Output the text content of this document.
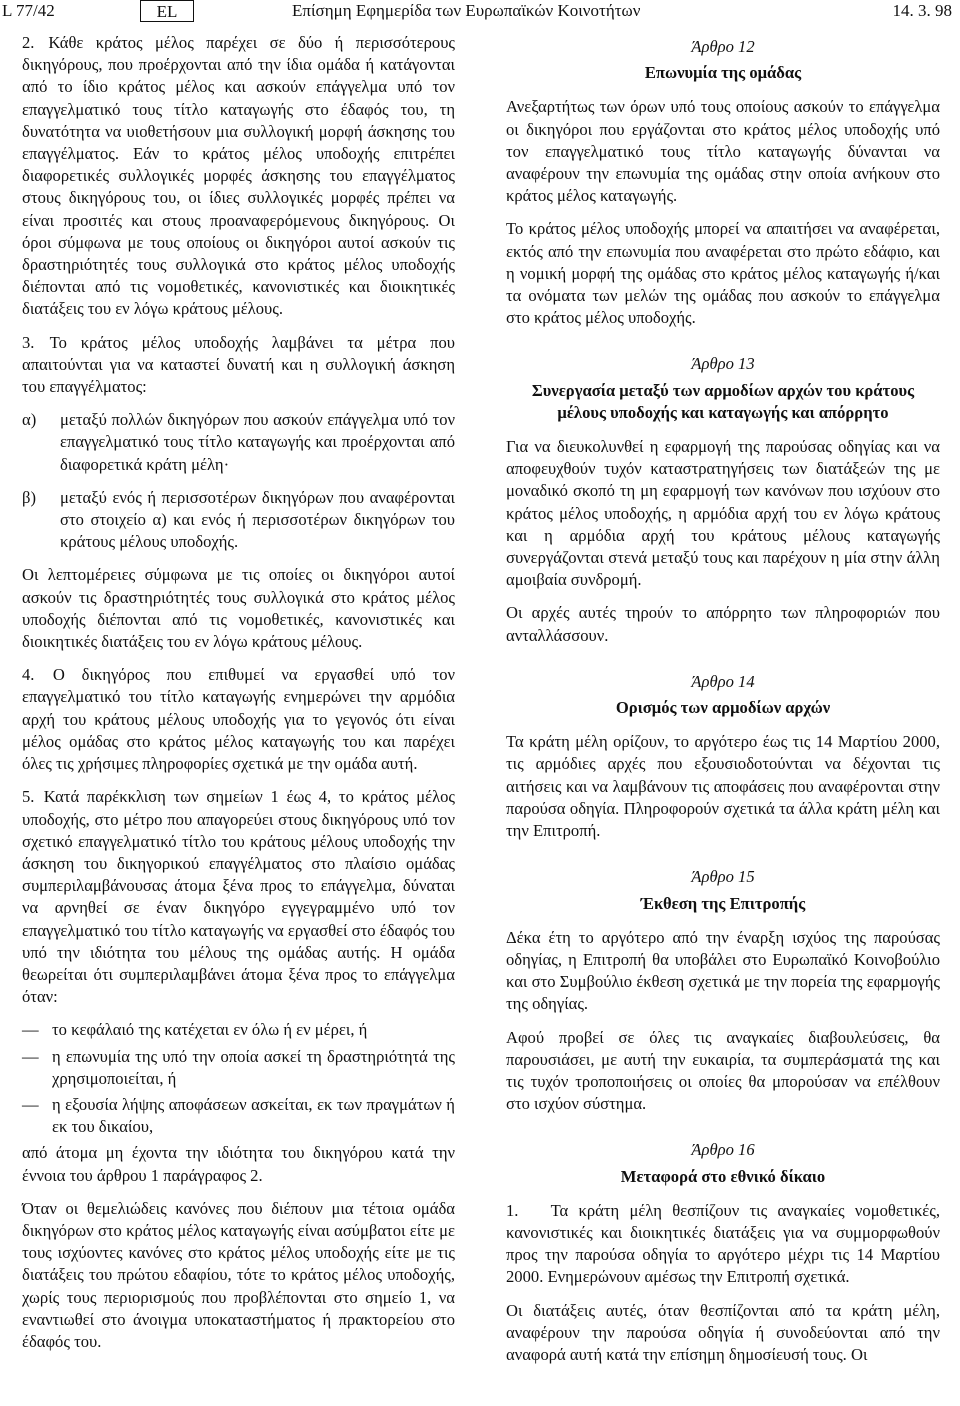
L 77/42	EL	Επίσημη Εφημερίδα των Ευρωπαϊκών Κοινοτήτων	14. 3. 98

2. Κάθε κράτος μέλος παρέχει σε δύο ή περισσότερους δικηγόρους, που προέρχονται από την ίδια ομάδα ή κατάγονται από το ίδιο κράτος μέλος και ασκούν επάγγελμα υπό τον επαγγελματικό τους τίτλο καταγωγής στο έδαφός του, τη δυνατότητα να υιοθετήσουν μια συλλογική μορφή άσκησης του επαγγέλματος. Εάν το κράτος μέλος υποδοχής επιτρέπει διαφορετικές συλλογικές μορφές άσκησης του επαγγέλματος στους δικηγόρους του, οι ίδιες συλλογικές μορφές πρέπει να είναι προσιτές και στους προαναφερόμενους δικηγόρους. Οι όροι σύμφωνα με τους οποίους οι δικηγόροι αυτοί ασκούν τις δραστηριότητές τους συλλογικά στο κράτος μέλος υποδοχής διέπονται από τις νομοθετικές, κανονιστικές και διοικητικές διατάξεις του εν λόγω κράτους μέλους.

3. Το κράτος μέλος υποδοχής λαμβάνει τα μέτρα που απαιτούνται για να καταστεί δυνατή και η συλλογική άσκηση του επαγγέλματος:

α) μεταξύ πολλών δικηγόρων που ασκούν επάγγελμα υπό τον επαγγελματικό τους τίτλο καταγωγής και προέρχονται από διαφορετικά κράτη μέλη·

β) μεταξύ ενός ή περισσοτέρων δικηγόρων που αναφέρονται στο στοιχείο α) και ενός ή περισσοτέρων δικηγόρων του κράτους μέλους υποδοχής.

Οι λεπτομέρειες σύμφωνα με τις οποίες οι δικηγόροι αυτοί ασκούν τις δραστηριότητές τους συλλογικά στο κράτος μέλος υποδοχής διέπονται από τις νομοθετικές, κανονιστικές και διοικητικές διατάξεις του εν λόγω κράτους μέλους.

4. Ο δικηγόρος που επιθυμεί να εργασθεί υπό τον επαγγελματικό του τίτλο καταγωγής ενημερώνει την αρμόδια αρχή του κράτους μέλους υποδοχής για το γεγονός ότι είναι μέλος ομάδας στο κράτος μέλος καταγωγής του και παρέχει όλες τις χρήσιμες πληροφορίες σχετικά με την ομάδα αυτή.

5. Κατά παρέκκλιση των σημείων 1 έως 4, το κράτος μέλος υποδοχής, στο μέτρο που απαγορεύει στους δικηγόρους υπό τον σχετικό επαγγελματικό τίτλο του κράτους μέλους υποδοχής την άσκηση του δικηγορικού επαγγέλματος στο πλαίσιο ομάδας συμπεριλαμβάνουσας άτομα ξένα προς το επάγγελμα, δύναται να αρνηθεί σε έναν δικηγόρο εγγεγραμμένο υπό τον επαγγελματικό του τίτλο καταγωγής να εργασθεί στο έδαφός του υπό την ιδιότητα του μέλους της ομάδας αυτής. Η ομάδα θεωρείται ότι συμπεριλαμβάνει άτομα ξένα προς το επάγγελμα όταν:

— το κεφάλαιό της κατέχεται εν όλω ή εν μέρει, ή

— η επωνυμία της υπό την οποία ασκεί τη δραστηριότητά της χρησιμοποιείται, ή

— η εξουσία λήψης αποφάσεων ασκείται, εκ των πραγμάτων ή εκ του δικαίου,

από άτομα μη έχοντα την ιδιότητα του δικηγόρου κατά την έννοια του άρθρου 1 παράγραφος 2.

Όταν οι θεμελιώδεις κανόνες που διέπουν μια τέτοια ομάδα δικηγόρων στο κράτος μέλος καταγωγής είναι ασύμβατοι είτε με τους ισχύοντες κανόνες στο κράτος μέλος υποδοχής είτε με τις διατάξεις του πρώτου εδαφίου, τότε το κράτος μέλος υποδοχής, χωρίς τους περιορισμούς που προβλέπονται στο σημείο 1, να εναντιωθεί στο άνοιγμα υποκαταστήματος ή πρακτορείου στο έδαφός του.

Άρθρο 12
Επωνυμία της ομάδας

Ανεξαρτήτως των όρων υπό τους οποίους ασκούν το επάγγελμα οι δικηγόροι που εργάζονται στο κράτος μέλος υποδοχής υπό τον επαγγελματικό τους τίτλο καταγωγής δύνανται να αναφέρουν την επωνυμία της ομάδας στην οποία ανήκουν στο κράτος μέλος καταγωγής.

Το κράτος μέλος υποδοχής μπορεί να απαιτήσει να αναφέρεται, εκτός από την επωνυμία που αναφέρεται στο πρώτο εδάφιο, και η νομική μορφή της ομάδας στο κράτος μέλος καταγωγής ή/και τα ονόματα των μελών της ομάδας που ασκούν το επάγγελμα στο κράτος μέλος υποδοχής.

Άρθρο 13
Συνεργασία μεταξύ των αρμοδίων αρχών του κράτους μέλους υποδοχής και καταγωγής και απόρρητο

Για να διευκολυνθεί η εφαρμογή της παρούσας οδηγίας και να αποφευχθούν τυχόν καταστρατηγήσεις των διατάξεών της με μοναδικό σκοπό τη μη εφαρμογή των κανόνων που ισχύουν στο κράτος μέλος υποδοχής, η αρμόδια αρχή του εν λόγω κράτους και η αρμόδια αρχή του κράτους μέλους καταγωγής συνεργάζονται στενά μεταξύ τους και παρέχουν η μία στην άλλη αμοιβαία συνδρομή.

Οι αρχές αυτές τηρούν το απόρρητο των πληροφοριών που ανταλλάσσουν.

Άρθρο 14
Ορισμός των αρμοδίων αρχών

Τα κράτη μέλη ορίζουν, το αργότερο έως τις 14 Μαρτίου 2000, τις αρμόδιες αρχές που εξουσιοδοτούνται να δέχονται τις αιτήσεις και να λαμβάνουν τις αποφάσεις που αναφέρονται στην παρούσα οδηγία. Πληροφορούν σχετικά τα άλλα κράτη μέλη και την Επιτροπή.

Άρθρο 15
Έκθεση της Επιτροπής

Δέκα έτη το αργότερο από την έναρξη ισχύος της παρούσας οδηγίας, η Επιτροπή θα υποβάλει στο Ευρωπαϊκό Κοινοβούλιο και στο Συμβούλιο έκθεση σχετικά με την πορεία της εφαρμογής της οδηγίας.

Αφού προβεί σε όλες τις αναγκαίες διαβουλεύσεις, θα παρουσιάσει, με αυτή την ευκαιρία, τα συμπεράσματά της και τις τυχόν τροποποιήσεις οι οποίες θα μπορούσαν να επέλθουν στο ισχύον σύστημα.

Άρθρο 16
Μεταφορά στο εθνικό δίκαιο

1. Τα κράτη μέλη θεσπίζουν τις αναγκαίες νομοθετικές, κανονιστικές και διοικητικές διατάξεις για να συμμορφωθούν προς την παρούσα οδηγία το αργότερο μέχρι τις 14 Μαρτίου 2000. Ενημερώνουν αμέσως την Επιτροπή σχετικά.

Οι διατάξεις αυτές, όταν θεσπίζονται από τα κράτη μέλη, αναφέρουν την παρούσα οδηγία ή συνοδεύονται από την αναφορά αυτή κατά την επίσημη δημοσίευσή τους. Οι
